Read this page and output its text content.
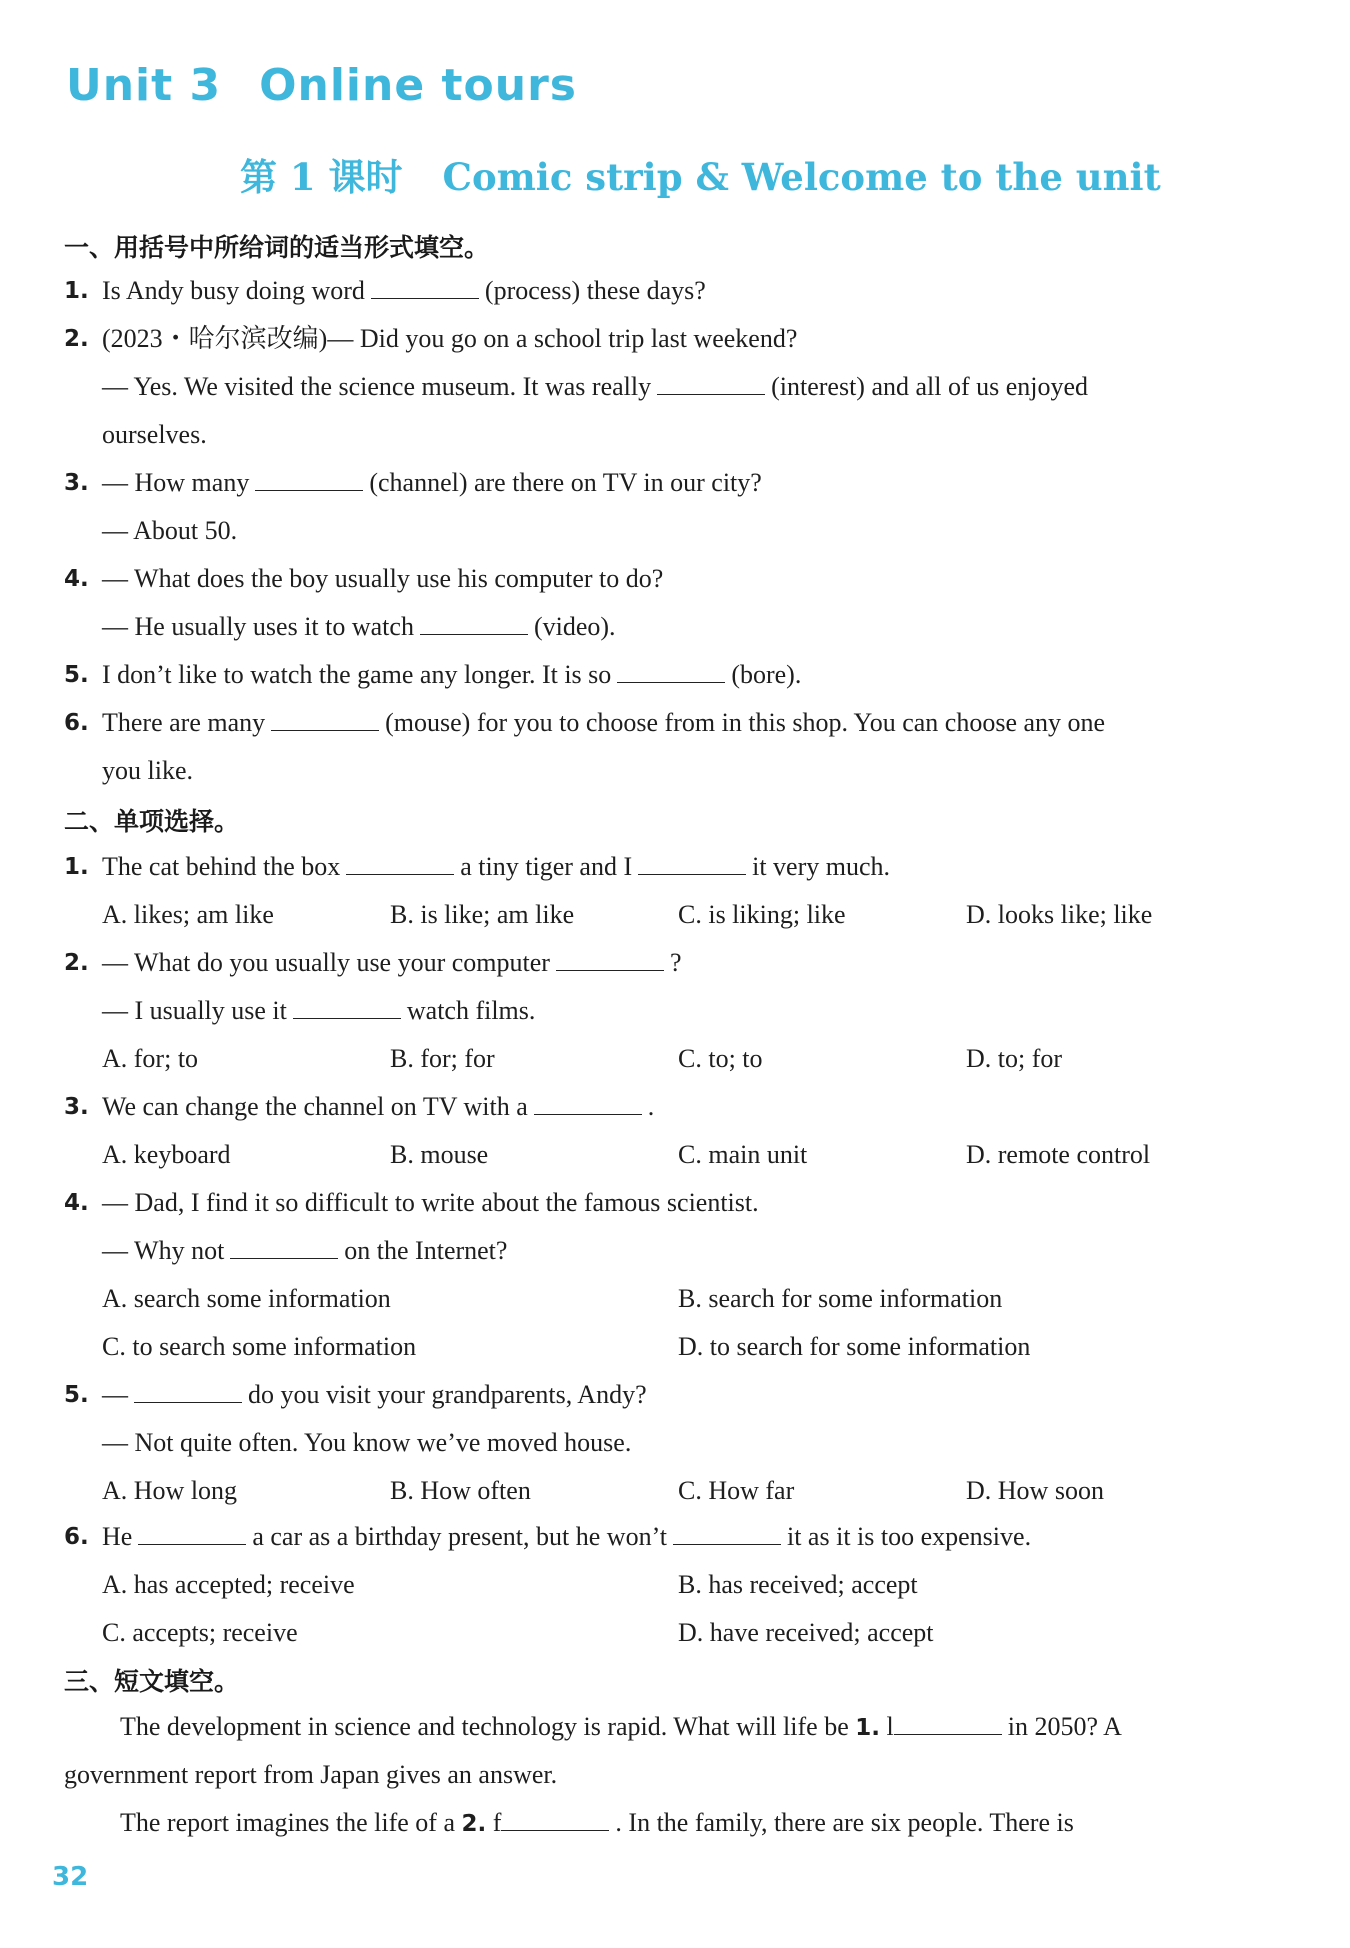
Unit 3 Online tours
第 1 课时 Comic strip & Welcome to the unit
一、用括号中所给词的适当形式填空。
1. Is Andy busy doing word	(process) these days?
2. (2023・哈尔滨改编)— Did you go on a school trip last weekend?
— Yes. We visited the science museum. It was really	(interest) and all of us enjoyed
ourselves.
3. — How many	(channel) are there on TV in our city?
— About 50.
4. — What does the boy usually use his computer to do?
— He usually uses it to watch	(video).
5. I don’t like to watch the game any longer. It is so	(bore).
6. There are many	(mouse) for you to choose from in this shop. You can choose any one
you like.
二、单项选择。
1. The cat behind the box	a tiny tiger and I	it very much.
A. likes; am like	B. is like; am like	C. is liking; like	D. looks like; like
2. — What do you usually use your computer	?
— I usually use it	watch films.
A. for; to	B. for; for	C. to; to	D. to; for
3. We can change the channel on TV with a	.
A. keyboard	B. mouse	C. main unit	D. remote control
4. — Dad, I find it so difficult to write about the famous scientist.
— Why not	on the Internet?
A. search some information	B. search for some information
C. to search some information	D. to search for some information
5. —	do you visit your grandparents, Andy?
— Not quite often. You know we’ve moved house.
A. How long	B. How often	C. How far	D. How soon
6. He	a car as a birthday present, but he won’t	it as it is too expensive.
A. has accepted; receive	B. has received; accept
C. accepts; receive	D. have received; accept
三、短文填空。
The development in science and technology is rapid. What will life be 1. l	in 2050? A
government report from Japan gives an answer.
The report imagines the life of a 2. f	. In the family, there are six people. There is
32
